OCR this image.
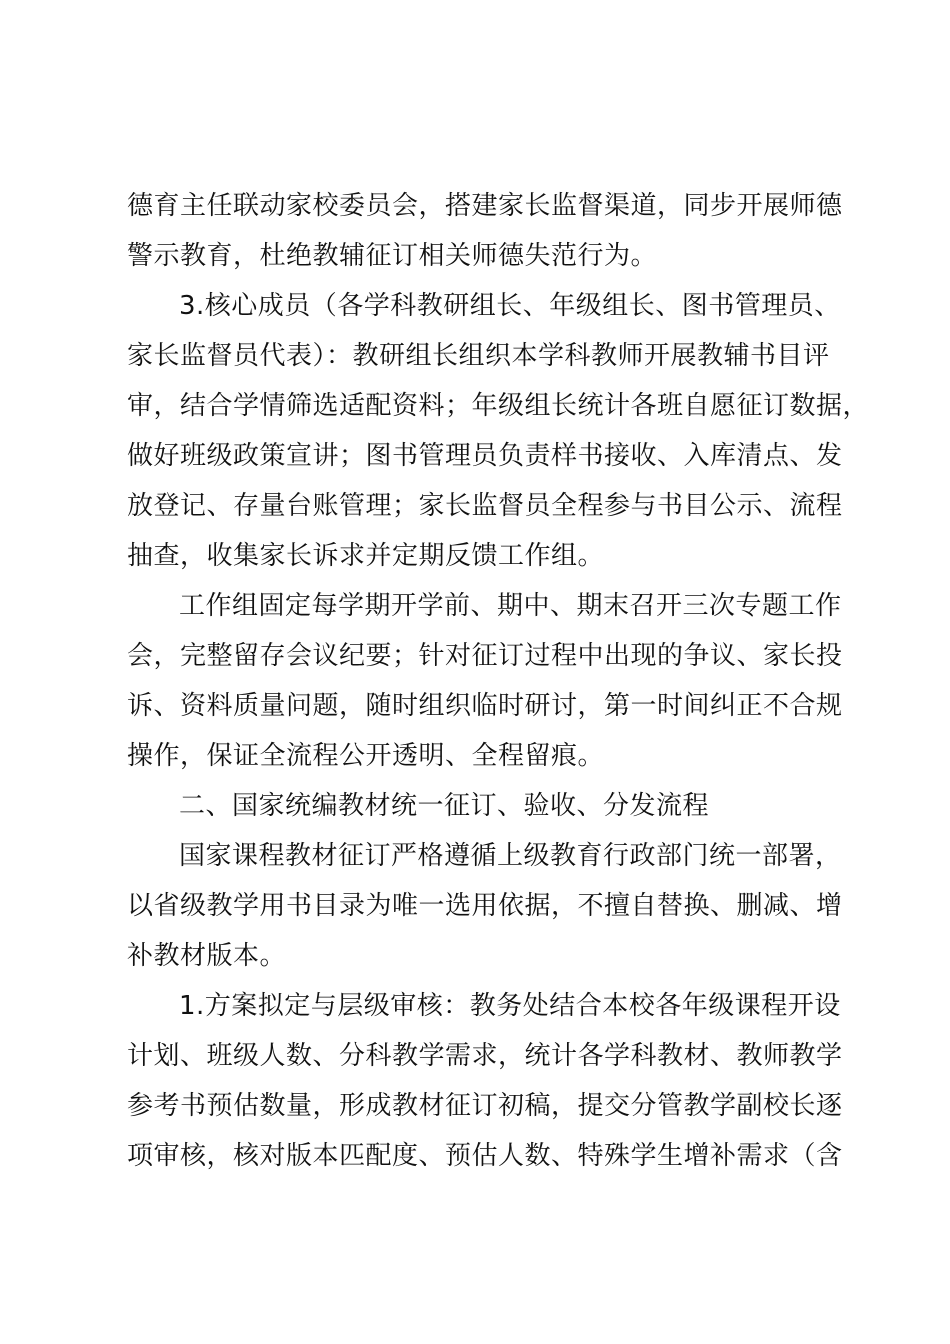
德育主任联动家校委员会，搭建家长监督渠道，同步开展师德
警示教育，杜绝教辅征订相关师德失范行为。
3.核心成员（各学科教研组长、年级组长、图书管理员、
家长监督员代表）：教研组长组织本学科教师开展教辅书目评
审，结合学情筛选适配资料；年级组长统计各班自愿征订数据，
做好班级政策宣讲；图书管理员负责样书接收、入库清点、发
放登记、存量台账管理；家长监督员全程参与书目公示、流程
抽查，收集家长诉求并定期反馈工作组。
工作组固定每学期开学前、期中、期末召开三次专题工作
会，完整留存会议纪要；针对征订过程中出现的争议、家长投
诉、资料质量问题，随时组织临时研讨，第一时间纠正不合规
操作，保证全流程公开透明、全程留痕。
二、国家统编教材统一征订、验收、分发流程
国家课程教材征订严格遵循上级教育行政部门统一部署，
以省级教学用书目录为唯一选用依据，不擅自替换、删减、增
补教材版本。
1.方案拟定与层级审核：教务处结合本校各年级课程开设
计划、班级人数、分科教学需求，统计各学科教材、教师教学
参考书预估数量，形成教材征订初稿，提交分管教学副校长逐
项审核，核对版本匹配度、预估人数、特殊学生增补需求（含
